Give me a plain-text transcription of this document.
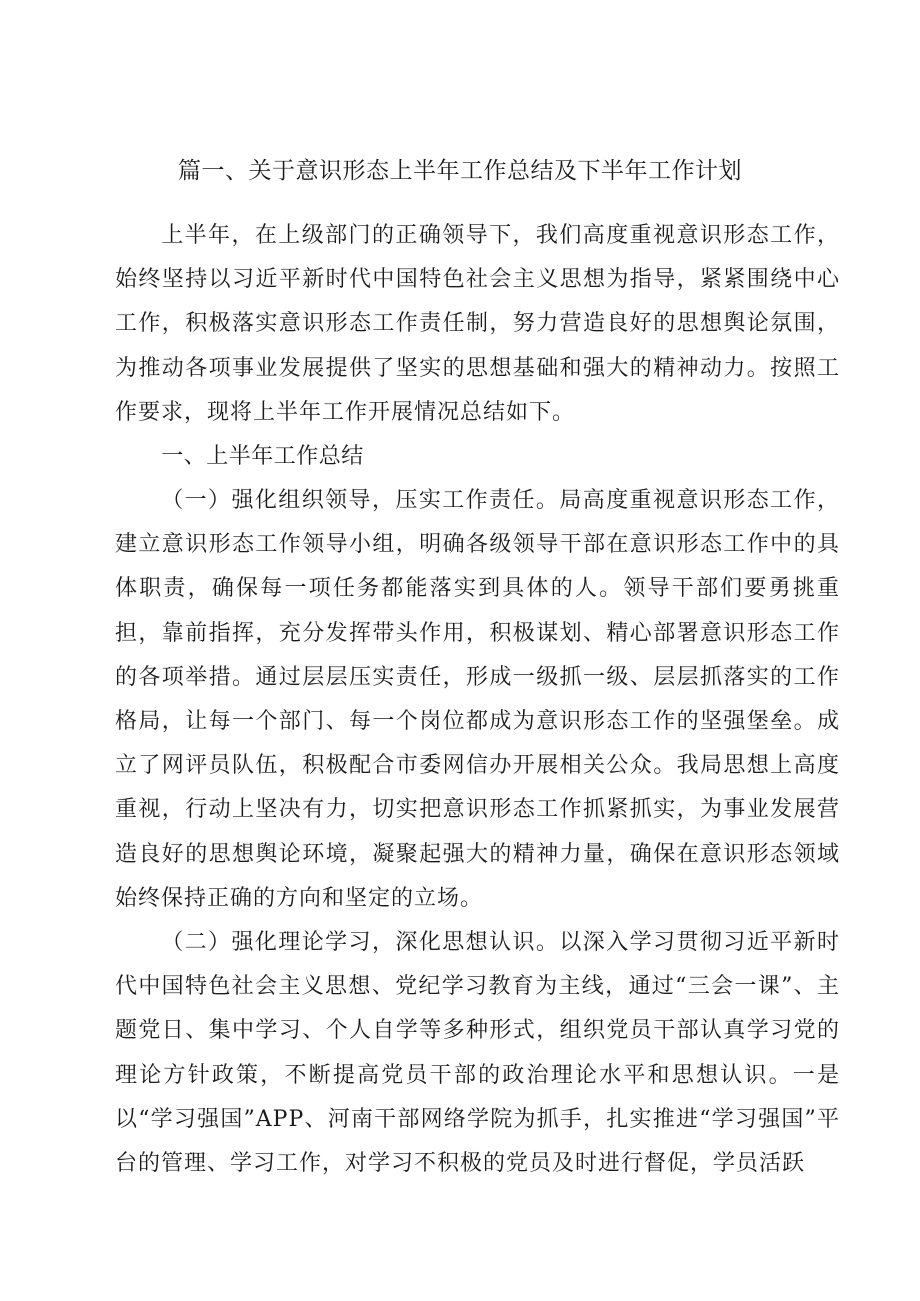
篇一、关于意识形态上半年工作总结及下半年工作计划

上半年，在上级部门的正确领导下，我们高度重视意识形态工作，始终坚持以习近平新时代中国特色社会主义思想为指导，紧紧围绕中心工作，积极落实意识形态工作责任制，努力营造良好的思想舆论氛围，为推动各项事业发展提供了坚实的思想基础和强大的精神动力。按照工作要求，现将上半年工作开展情况总结如下。

一、上半年工作总结

（一）强化组织领导，压实工作责任。局高度重视意识形态工作，建立意识形态工作领导小组，明确各级领导干部在意识形态工作中的具体职责，确保每一项任务都能落实到具体的人。领导干部们要勇挑重担，靠前指挥，充分发挥带头作用，积极谋划、精心部署意识形态工作的各项举措。通过层层压实责任，形成一级抓一级、层层抓落实的工作格局，让每一个部门、每一个岗位都成为意识形态工作的坚强堡垒。成立了网评员队伍，积极配合市委网信办开展相关公众。我局思想上高度重视，行动上坚决有力，切实把意识形态工作抓紧抓实，为事业发展营造良好的思想舆论环境，凝聚起强大的精神力量，确保在意识形态领域始终保持正确的方向和坚定的立场。

（二）强化理论学习，深化思想认识。以深入学习贯彻习近平新时代中国特色社会主义思想、党纪学习教育为主线，通过“三会一课”、主题党日、集中学习、个人自学等多种形式，组织党员干部认真学习党的理论方针政策，不断提高党员干部的政治理论水平和思想认识。一是以“学习强国”APP、河南干部网络学院为抓手，扎实推进“学习强国”平台的管理、学习工作，对学习不积极的党员及时进行督促，学员活跃
